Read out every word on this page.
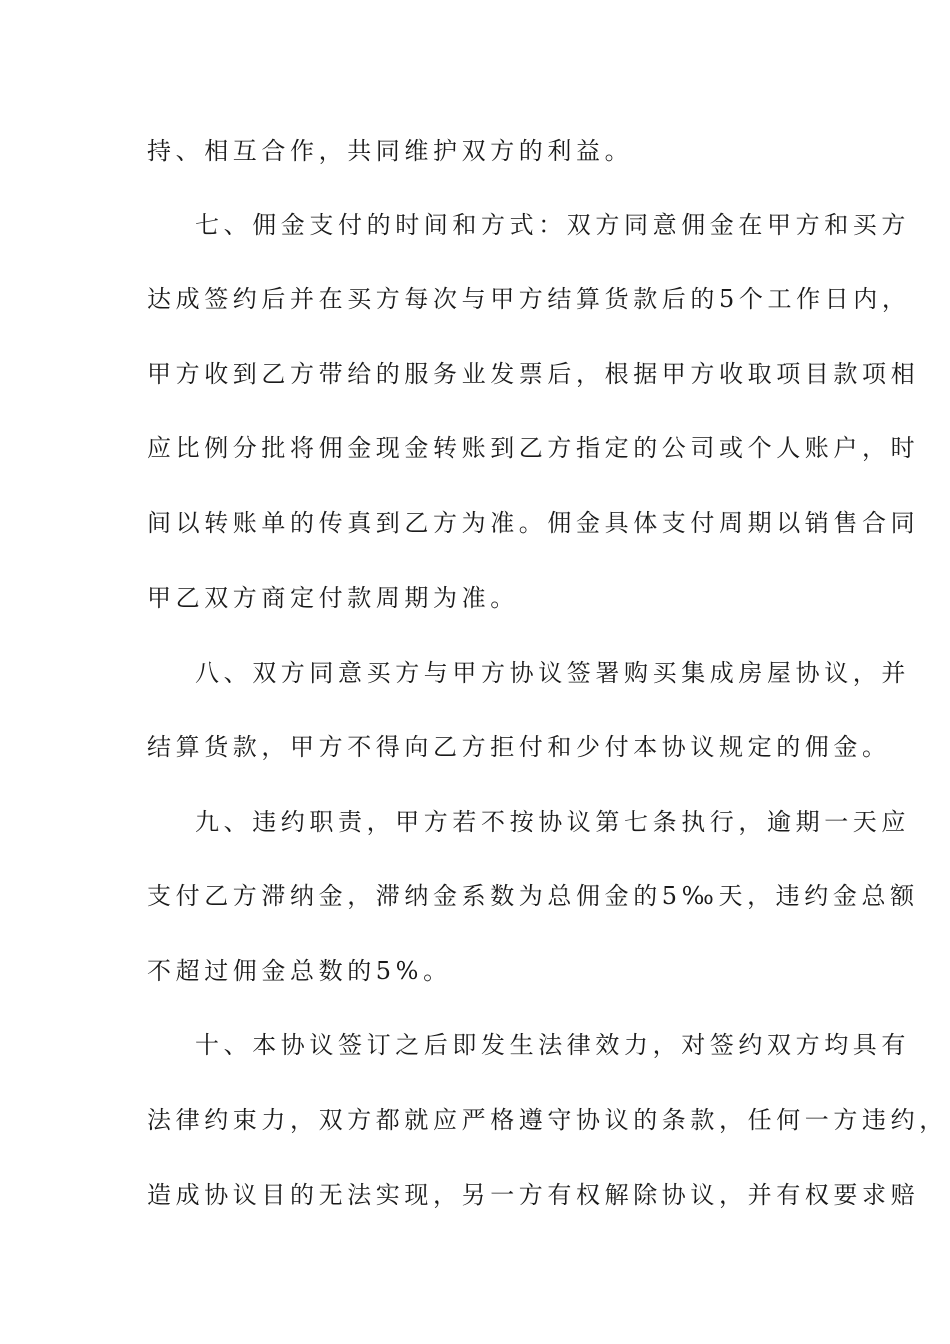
持、相互合作，共同维护双方的利益。
七、佣金支付的时间和方式：双方同意佣金在甲方和买方
达成签约后并在买方每次与甲方结算货款后的5个工作日内，
甲方收到乙方带给的服务业发票后，根据甲方收取项目款项相
应比例分批将佣金现金转账到乙方指定的公司或个人账户，时
间以转账单的传真到乙方为准。佣金具体支付周期以销售合同
甲乙双方商定付款周期为准。
八、双方同意买方与甲方协议签署购买集成房屋协议，并
结算货款，甲方不得向乙方拒付和少付本协议规定的佣金。
九、违约职责，甲方若不按协议第七条执行，逾期一天应
支付乙方滞纳金，滞纳金系数为总佣金的5‰天，违约金总额
不超过佣金总数的5%。
十、本协议签订之后即发生法律效力，对签约双方均具有
法律约束力，双方都就应严格遵守协议的条款，任何一方违约，
造成协议目的无法实现，另一方有权解除协议，并有权要求赔
